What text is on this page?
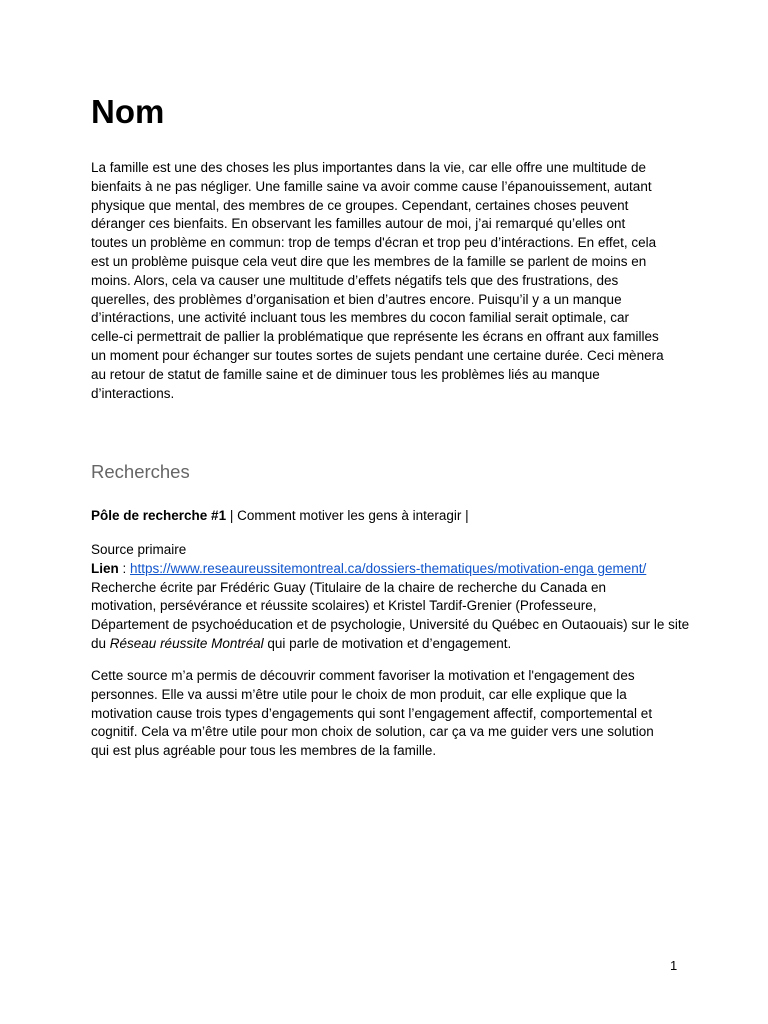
Nom

La famille est une des choses les plus importantes dans la vie, car elle offre une multitude de
bienfaits à ne pas négliger. Une famille saine va avoir comme cause l’épanouissement, autant
physique que mental, des membres de ce groupes. Cependant, certaines choses peuvent
déranger ces bienfaits. En observant les familles autour de moi, j’ai remarqué qu’elles ont
toutes un problème en commun: trop de temps d'écran et trop peu d’intéractions. En effet, cela
est un problème puisque cela veut dire que les membres de la famille se parlent de moins en
moins. Alors, cela va causer une multitude d’effets négatifs tels que des frustrations, des
querelles, des problèmes d’organisation et bien d’autres encore. Puisqu’il y a un manque
d’intéractions, une activité incluant tous les membres du cocon familial serait optimale, car
celle-ci permettrait de pallier la problématique que représente les écrans en offrant aux familles
un moment pour échanger sur toutes sortes de sujets pendant une certaine durée. Ceci mènera
au retour de statut de famille saine et de diminuer tous les problèmes liés au manque
d’interactions.

Recherches

Pôle de recherche #1 | Comment motiver les gens à interagir |

Source primaire
Lien : https://www.reseaureussitemontreal.ca/dossiers-thematiques/motivation-enga gement/
Recherche écrite par Frédéric Guay (Titulaire de la chaire de recherche du Canada en
motivation, persévérance et réussite scolaires) et Kristel Tardif-Grenier (Professeure,
Département de psychoéducation et de psychologie, Université du Québec en Outaouais) sur le site
du Réseau réussite Montréal qui parle de motivation et d’engagement.

Cette source m’a permis de découvrir comment favoriser la motivation et l'engagement des
personnes. Elle va aussi m’être utile pour le choix de mon produit, car elle explique que la
motivation cause trois types d’engagements qui sont l’engagement affectif, comportemental et
cognitif. Cela va m’être utile pour mon choix de solution, car ça va me guider vers une solution
qui est plus agréable pour tous les membres de la famille.

1
